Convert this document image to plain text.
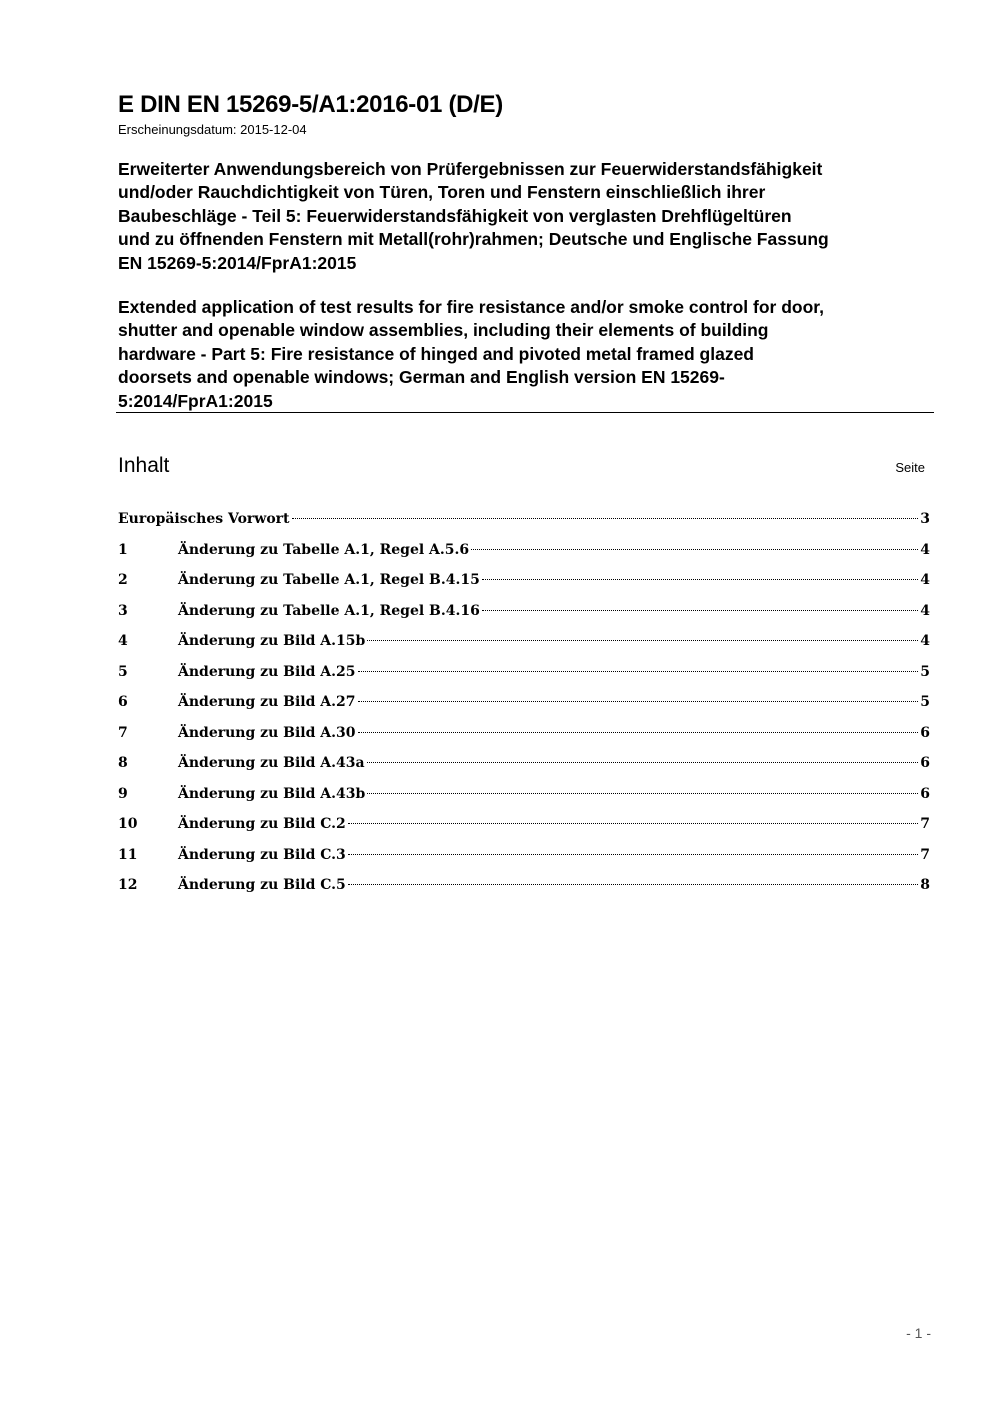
E DIN EN 15269-5/A1:2016-01 (D/E)
Erscheinungsdatum: 2015-12-04
Erweiterter Anwendungsbereich von Prüfergebnissen zur Feuerwiderstandsfähigkeit
und/oder Rauchdichtigkeit von Türen, Toren und Fenstern einschließlich ihrer
Baubeschläge - Teil 5: Feuerwiderstandsfähigkeit von verglasten Drehflügeltüren
und zu öffnenden Fenstern mit Metall(rohr)rahmen; Deutsche und Englische Fassung
EN 15269-5:2014/FprA1:2015
Extended application of test results for fire resistance and/or smoke control for door,
shutter and openable window assemblies, including their elements of building
hardware - Part 5: Fire resistance of hinged and pivoted metal framed glazed
doorsets and openable windows; German and English version EN 15269-
5:2014/FprA1:2015
Inhalt	Seite
Europäisches Vorwort	3
1	Änderung zu Tabelle A.1, Regel A.5.6	4
2	Änderung zu Tabelle A.1, Regel B.4.15	4
3	Änderung zu Tabelle A.1, Regel B.4.16	4
4	Änderung zu Bild A.15b	4
5	Änderung zu Bild A.25	5
6	Änderung zu Bild A.27	5
7	Änderung zu Bild A.30	6
8	Änderung zu Bild A.43a	6
9	Änderung zu Bild A.43b	6
10	Änderung zu Bild C.2	7
11	Änderung zu Bild C.3	7
12	Änderung zu Bild C.5	8
- 1 -
